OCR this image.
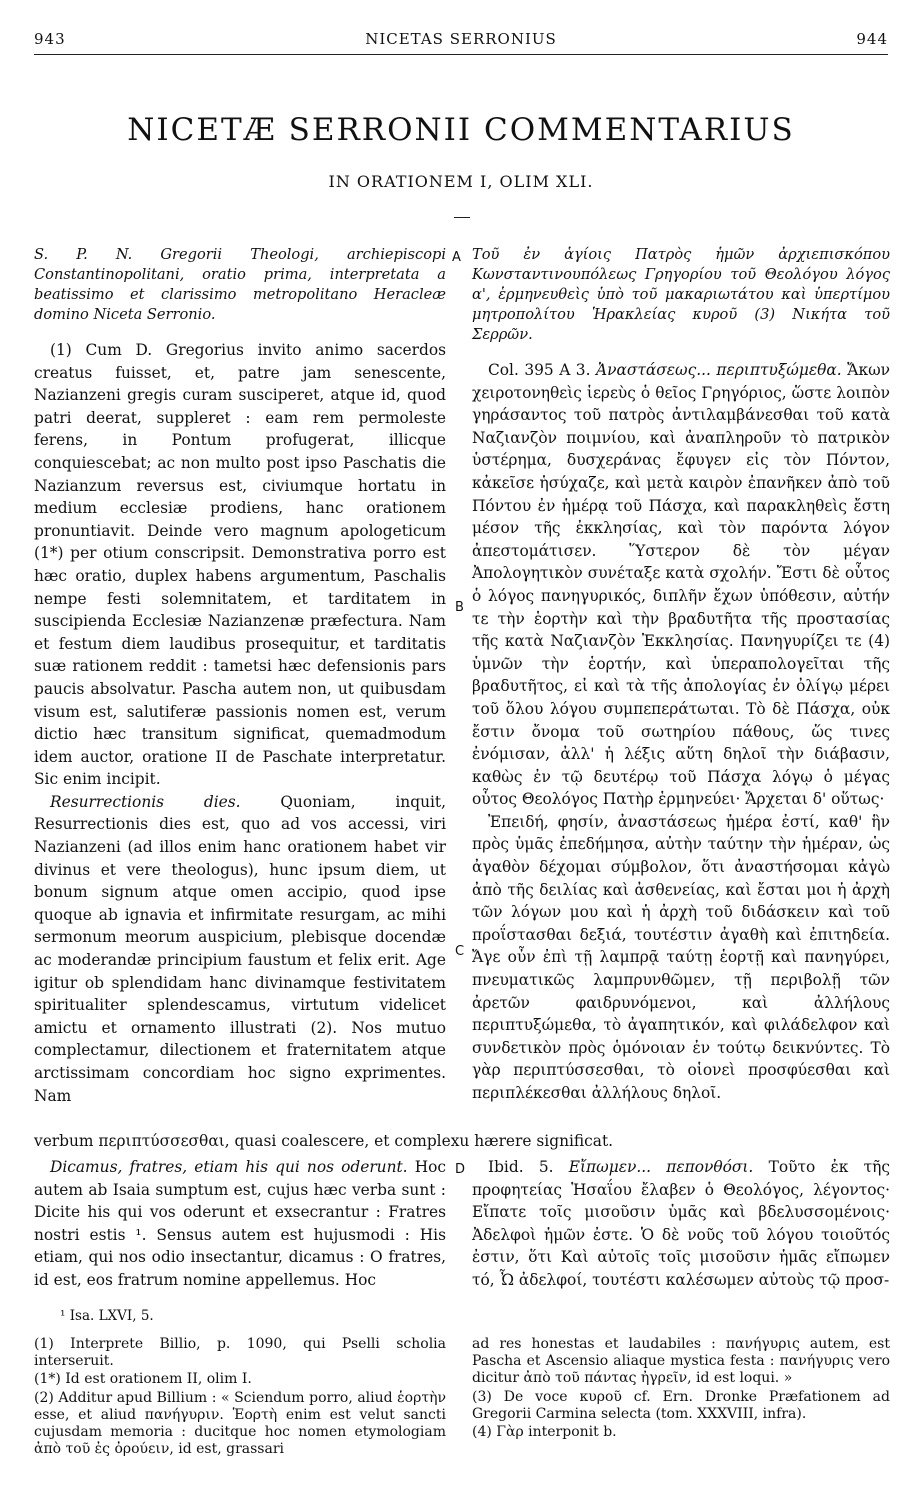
943	NICETAS SERRONIUS	944
NICETÆ SERRONII COMMENTARIUS
IN ORATIONEM I, OLIM XLI.

S. P. N. Gregorii Theologi, archiepiscopi Constantinopolitani, oratio prima, interpretata a beatissimo et clarissimo metropolitano Heracleæ domino Niceta Serronio.

(1) Cum D. Gregorius invito animo sacerdos creatus fuisset, et, patre jam senescente, Nazianzeni gregis curam susciperet, atque id, quod patri deerat, suppleret : eam rem permoleste ferens, in Pontum profugerat, illicque conquiescebat; ac non multo post ipso Paschatis die Nazianzum reversus est, civiumque hortatu in medium ecclesiæ prodiens, hanc orationem pronuntiavit. Deinde vero magnum apologeticum (1*) per otium conscripsit. Demonstrativa porro est hæc oratio, duplex habens argumentum, Paschalis nempe festi solemnitatem, et tarditatem in suscipienda Ecclesiæ Nazianzenæ præfectura. Nam et festum diem laudibus prosequitur, et tarditatis suæ rationem reddit : tametsi hæc defensionis pars paucis absolvatur. Pascha autem non, ut quibusdam visum est, salutiferæ passionis nomen est, verum dictio hæc transitum significat, quemadmodum idem auctor, oratione II de Paschate interpretatur. Sic enim incipit.

Resurrectionis dies.	Quoniam, inquit, Resurrectionis dies est, quo ad vos accessi, viri Nazianzeni (ad illos enim hanc orationem habet vir divinus et vere theologus), hunc ipsum diem, ut bonum signum atque omen accipio, quod ipse quoque ab ignavia et infirmitate resurgam, ac mihi sermonum meorum auspicium, plebisque docendæ ac moderandæ principium faustum et felix erit. Age igitur ob splendidam hanc divinamque festivitatem spiritualiter splendescamus, virtutum videlicet amictu et ornamento illustrati (2). Nos mutuo complectamur, dilectionem et fraternitatem atque arctissimam concordiam hoc signo exprimentes. Nam

A
B
C
D

Τοῦ ἐν ἁγίοις Πατρὸς ἡμῶν ἀρχιεπισκόπου Κωνσταντινουπόλεως Γρηγορίου τοῦ Θεολόγου λόγος α', ἑρμηνευθεὶς ὑπὸ τοῦ μακαριωτάτου καὶ ὑπερτίμου μητροπολίτου Ἡρακλείας κυροῦ (3) Νικήτα τοῦ Σερρῶν.

Col. 395 A 3. Ἀναστάσεως... περιπτυξώμεθα. Ἄκων χειροτονηθεὶς ἱερεὺς ὁ θεῖος Γρηγόριος, ὥστε λοιπὸν γηράσαντος τοῦ πατρὸς ἀντιλαμβάνεσθαι τοῦ κατὰ Ναζιανζὸν ποιμνίου, καὶ ἀναπληροῦν τὸ πατρικὸν ὑστέρημα, δυσχεράνας ἔφυγεν εἰς τὸν Πόντον, κἀκεῖσε ἡσύχαζε, καὶ μετὰ καιρὸν ἐπανῆκεν ἀπὸ τοῦ Πόντου ἐν ἡμέρᾳ τοῦ Πάσχα, καὶ παρακληθεὶς ἔστη μέσον τῆς ἐκκλησίας, καὶ τὸν παρόντα λόγον ἀπεστομάτισεν. Ὕστερον δὲ τὸν μέγαν Ἀπολογητικὸν συνέταξε κατὰ σχολήν. Ἔστι δὲ οὗτος ὁ λόγος πανηγυρικός, διπλῆν ἔχων ὑπόθεσιν, αὐτήν τε τὴν ἑορτὴν καὶ τὴν βραδυτῆτα τῆς προστασίας τῆς κατὰ Ναζιανζὸν Ἐκκλησίας. Πανηγυρίζει τε (4) ὑμνῶν τὴν ἑορτήν, καὶ ὑπεραπολογεῖται τῆς βραδυτῆτος, εἰ καὶ τὰ τῆς ἀπολογίας ἐν ὀλίγῳ μέρει τοῦ ὅλου λόγου συμπεπεράτωται. Τὸ δὲ Πάσχα, οὐκ ἔστιν ὄνομα τοῦ σωτηρίου πάθους, ὥς τινες ἐνόμισαν, ἀλλ' ἡ λέξις αὕτη δηλοῖ τὴν διάβασιν, καθὼς ἐν τῷ δευτέρῳ τοῦ Πάσχα λόγῳ ὁ μέγας οὗτος Θεολόγος Πατὴρ ἑρμηνεύει· Ἄρχεται δ' οὕτως·

Ἐπειδή, φησίν, ἀναστάσεως ἡμέρα ἐστί, καθ' ἣν πρὸς ὑμᾶς ἐπεδήμησα, αὐτὴν ταύτην τὴν ἡμέραν, ὡς ἀγαθὸν δέχομαι σύμβολον, ὅτι ἀναστήσομαι κἀγὼ ἀπὸ τῆς δειλίας καὶ ἀσθενείας, καὶ ἔσται μοι ἡ ἀρχὴ τῶν λόγων μου καὶ ἡ ἀρχὴ τοῦ διδάσκειν καὶ τοῦ προΐστασθαι δεξιά, τουτέστιν ἀγαθὴ καὶ ἐπιτηδεία. Ἄγε οὖν ἐπὶ τῇ λαμπρᾷ ταύτῃ ἑορτῇ καὶ πανηγύρει, πνευματικῶς λαμπρυνθῶμεν, τῇ περιβολῇ τῶν ἀρετῶν φαιδρυνόμενοι, καὶ ἀλλήλους περιπτυξώμεθα, τὸ ἀγαπητικόν, καὶ φιλάδελφον καὶ συνδετικὸν πρὸς ὁμόνοιαν ἐν τούτῳ δεικνύντες. Τὸ γὰρ περιπτύσσεσθαι, τὸ οἱονεὶ προσφύεσθαι καὶ περιπλέκεσθαι ἀλλήλους δηλοῖ.

verbum περιπτύσσεσθαι, quasi coalescere, et complexu hærere significat.

Dicamus, fratres, etiam his qui nos oderunt. Hoc autem ab Isaia sumptum est, cujus hæc verba sunt : Dicite his qui vos oderunt et exsecrantur : Fratres nostri estis ¹. Sensus autem est hujusmodi : His etiam, qui nos odio insectantur, dicamus : O fratres, id est, eos fratrum nomine appellemus. Hoc

Ibid. 5. Εἴπωμεν... πεπονθόσι. Τοῦτο ἐκ τῆς προφητείας Ἡσαΐου ἔλαβεν ὁ Θεολόγος, λέγοντος· Εἴπατε τοῖς μισοῦσιν ὑμᾶς καὶ βδελυσσομένοις· Ἀδελφοὶ ἡμῶν ἐστε. Ὁ δὲ νοῦς τοῦ λόγου τοιοῦτός ἐστιν, ὅτι Καὶ αὐτοῖς τοῖς μισοῦσιν ἡμᾶς εἴπωμεν τό, Ὦ ἀδελφοί, τουτέστι καλέσωμεν αὐτοὺς τῷ προσ-

¹ Isa. LXVI, 5.

(1) Interprete Billio, p. 1090, qui Pselli scholia interseruit.

(1*) Id est orationem II, olim I.

(2) Additur apud Billium : « Sciendum porro, aliud ἑορτὴν esse, et aliud πανήγυριν. Ἑορτὴ enim est velut sancti cujusdam memoria : ducitque hoc nomen etymologiam ἀπὸ τοῦ ἐς ὀρούειν, id est, grassari

ad res honestas et laudabiles : πανήγυρις autem, est Pascha et Ascensio aliaque mystica festa : πανήγυρις vero dicitur ἀπὸ τοῦ πάντας ἠγρεῖν, id est loqui. »

(3) De voce κυροῦ cf. Ern. Dronke Præfationem ad Gregorii Carmina selecta (tom. XXXVIII, infra).

(4) Γὰρ interponit b.
